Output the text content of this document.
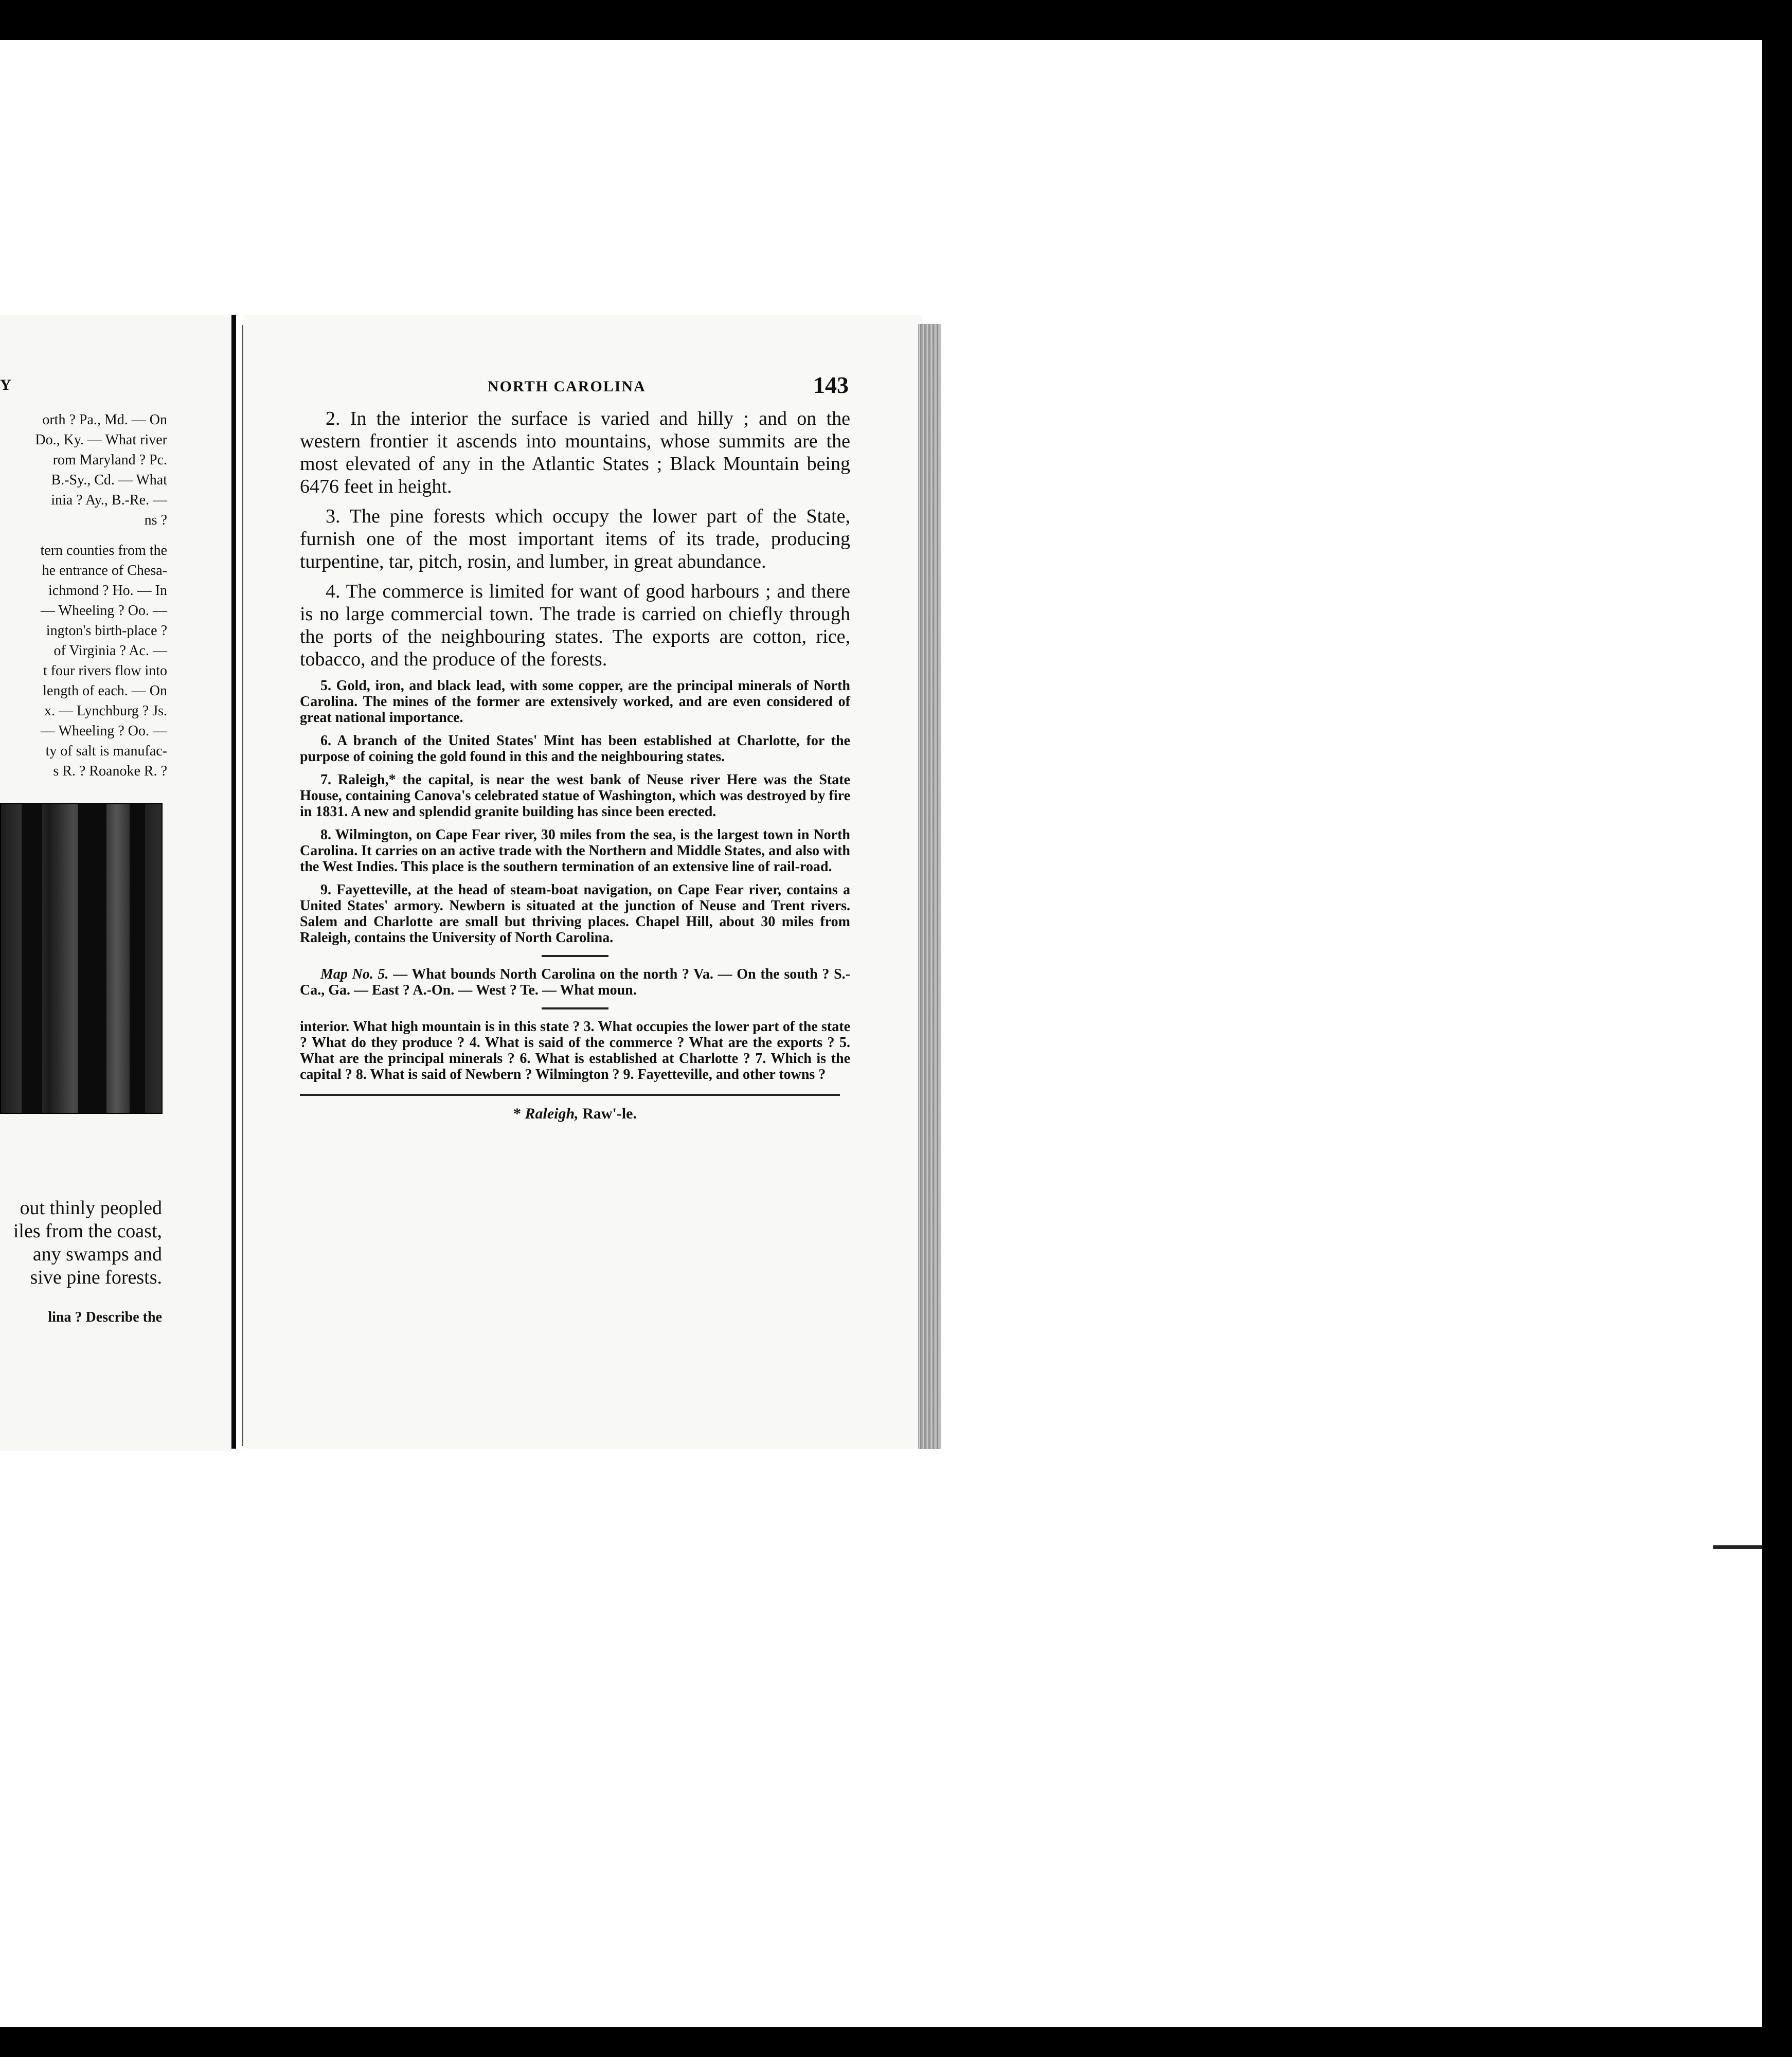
Y
orth ? Pa., Md. — On
Do., Ky. — What river
rom Maryland ? Pc.
B.-Sy., Cd. — What
inia ? Ay., B.-Re. —
ns ?
tern counties from the
he entrance of Chesa-
ichmond ? Ho. — In
— Wheeling ? Oo. —
ington's birth-place ?
of Virginia ? Ac. —
t four rivers flow into
length of each. — On
x. — Lynchburg ? Js.
— Wheeling ? Oo. —
ty of salt is manufac-
s R. ? Roanoke R. ?
out thinly peopled
iles from the coast,
any swamps and
sive pine forests.
lina ? Describe the
NORTH CAROLINA	143

2. In the interior the surface is varied and hilly ; and on the western frontier it ascends into mountains, whose summits are the most elevated of any in the Atlantic States ; Black Mountain being 6476 feet in height.

3. The pine forests which occupy the lower part of the State, furnish one of the most important items of its trade, producing turpentine, tar, pitch, rosin, and lumber, in great abundance.

4. The commerce is limited for want of good harbours ; and there is no large commercial town. The trade is carried on chiefly through the ports of the neighbouring states. The exports are cotton, rice, tobacco, and the produce of the forests.

5. Gold, iron, and black lead, with some copper, are the principal minerals of North Carolina. The mines of the former are extensively worked, and are even considered of great national importance.

6. A branch of the United States' Mint has been established at Charlotte, for the purpose of coining the gold found in this and the neighbouring states.

7. Raleigh,* the capital, is near the west bank of Neuse river Here was the State House, containing Canova's celebrated statue of Washington, which was destroyed by fire in 1831. A new and splendid granite building has since been erected.

8. Wilmington, on Cape Fear river, 30 miles from the sea, is the largest town in North Carolina. It carries on an active trade with the Northern and Middle States, and also with the West Indies. This place is the southern termination of an extensive line of rail-road.

9. Fayetteville, at the head of steam-boat navigation, on Cape Fear river, contains a United States' armory. Newbern is situated at the junction of Neuse and Trent rivers. Salem and Charlotte are small but thriving places. Chapel Hill, about 30 miles from Raleigh, contains the University of North Carolina.

Map No. 5. — What bounds North Carolina on the north ? Va. — On the south ? S.-Ca., Ga. — East ? A.-On. — West ? Te. — What moun.

interior. What high mountain is in this state ? 3. What occupies the lower part of the state ? What do they produce ? 4. What is said of the commerce ? What are the exports ? 5. What are the principal minerals ? 6. What is established at Charlotte ? 7. Which is the capital ? 8. What is said of Newbern ? Wilmington ? 9. Fayetteville, and other towns ?

* Raleigh, Raw'-le.
